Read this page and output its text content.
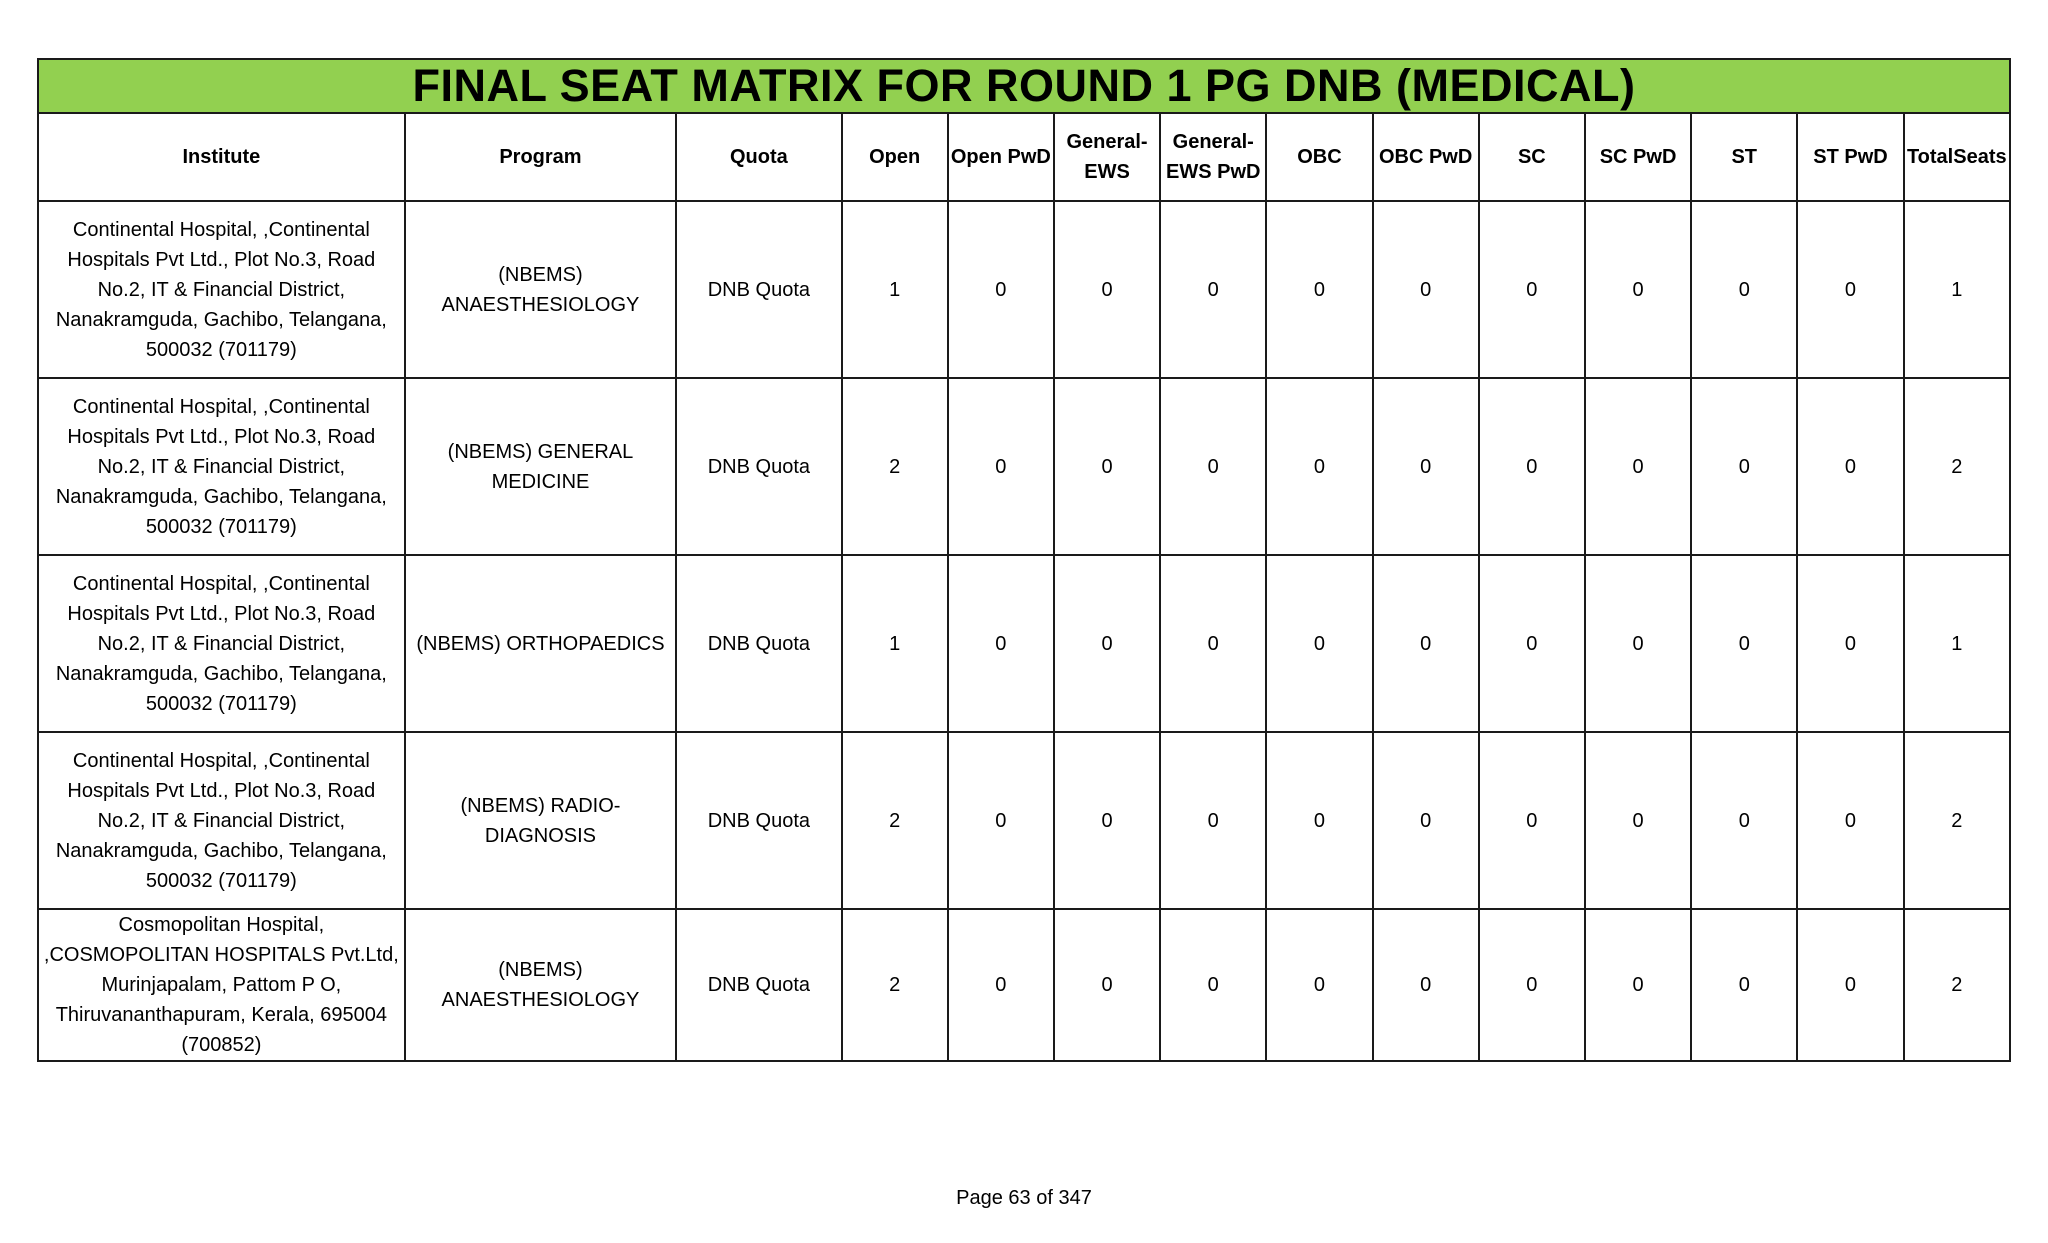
FINAL SEAT MATRIX FOR ROUND 1 PG DNB (MEDICAL)													
Institute	Program	Quota	Open	Open PwD	General-EWS	General-EWS PwD	OBC	OBC PwD	SC	SC PwD	ST	ST PwD	TotalSeats
Continental Hospital, ,Continental Hospitals Pvt Ltd., Plot No.3, Road No.2, IT & Financial District, Nanakramguda, Gachibo, Telangana, 500032 (701179)	(NBEMS) ANAESTHESIOLOGY	DNB Quota	1	0	0	0	0	0	0	0	0	0	1
Continental Hospital, ,Continental Hospitals Pvt Ltd., Plot No.3, Road No.2, IT & Financial District, Nanakramguda, Gachibo, Telangana, 500032 (701179)	(NBEMS) GENERAL MEDICINE	DNB Quota	2	0	0	0	0	0	0	0	0	0	2
Continental Hospital, ,Continental Hospitals Pvt Ltd., Plot No.3, Road No.2, IT & Financial District, Nanakramguda, Gachibo, Telangana, 500032 (701179)	(NBEMS) ORTHOPAEDICS	DNB Quota	1	0	0	0	0	0	0	0	0	0	1
Continental Hospital, ,Continental Hospitals Pvt Ltd., Plot No.3, Road No.2, IT & Financial District, Nanakramguda, Gachibo, Telangana, 500032 (701179)	(NBEMS) RADIO-DIAGNOSIS	DNB Quota	2	0	0	0	0	0	0	0	0	0	2
Cosmopolitan Hospital, ,COSMOPOLITAN HOSPITALS Pvt.Ltd, Murinjapalam, Pattom P O, Thiruvananthapuram, Kerala, 695004 (700852)	(NBEMS) ANAESTHESIOLOGY	DNB Quota	2	0	0	0	0	0	0	0	0	0	2
Page 63 of 347
